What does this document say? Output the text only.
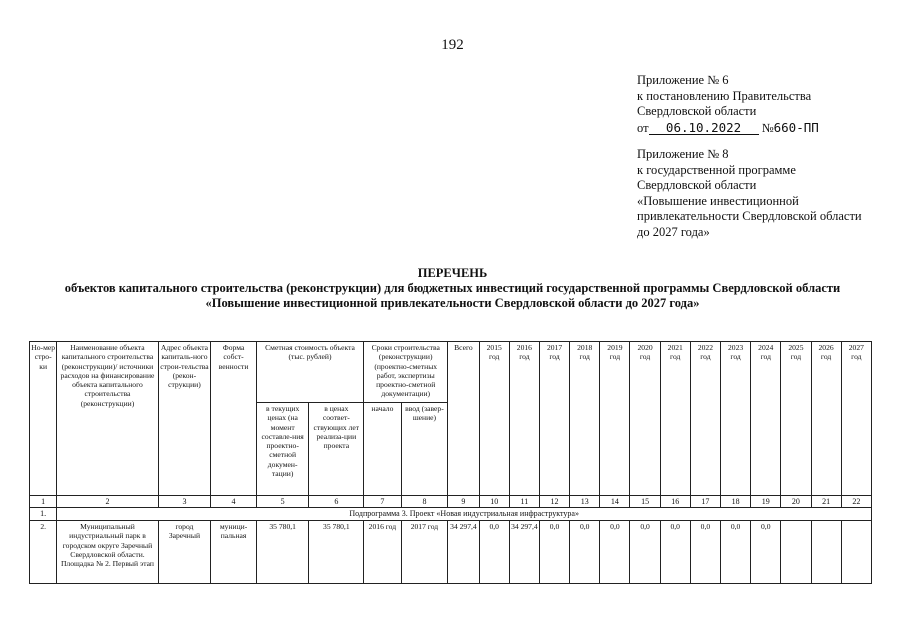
192
Приложение № 6
к постановлению Правительства
Свердловской области
от 06.10.2022 №660-ПП
Приложение № 8
к государственной программе
Свердловской области
«Повышение инвестиционной
привлекательности Свердловской области
до 2027 года»
ПЕРЕЧЕНЬ
объектов капитального строительства (реконструкции) для бюджетных инвестиций государственной программы Свердловской области
«Повышение инвестиционной привлекательности Свердловской области до 2027 года»
Но-мер стро-ки	Наименование объекта капитального строительства (реконструкции)/ источники расходов на финансирование объекта капитального строительства (реконструкции)	Адрес объекта капиталь-ного строи-тельства (рекон-струкции)	Форма собст-венности	Сметная стоимость объекта (тыс. рублей)		Сроки строительства (реконструкции) (проектно-сметных работ, экспертизы проектно-сметной документации)		Всего	2015 год	2016 год	2017 год	2018 год	2019 год	2020 год	2021 год	2022 год	2023 год	2024 год	2025 год	2026 год	2027 год
				в текущих ценах (на момент составле-ния проектно-сметной докумен-тации)	в ценах соответ-ствующих лет реализа-ции проекта	начало	ввод (завер-шение)														
1	2	3	4	5	6	7	8	9	10	11	12	13	14	15	16	17	18	19	20	21	22
1.	Подпрограмма 3. Проект «Новая индустриальная инфраструктура»																				
2.	Муниципальный индустриальный парк в городском округе Заречный Свердловской области. Площадка № 2. Первый этап	город Заречный	муници-пальная	35 780,1	35 780,1	2016 год	2017 год	34 297,4	0,0	34 297,4	0,0	0,0	0,0	0,0	0,0	0,0	0,0	0,0			
